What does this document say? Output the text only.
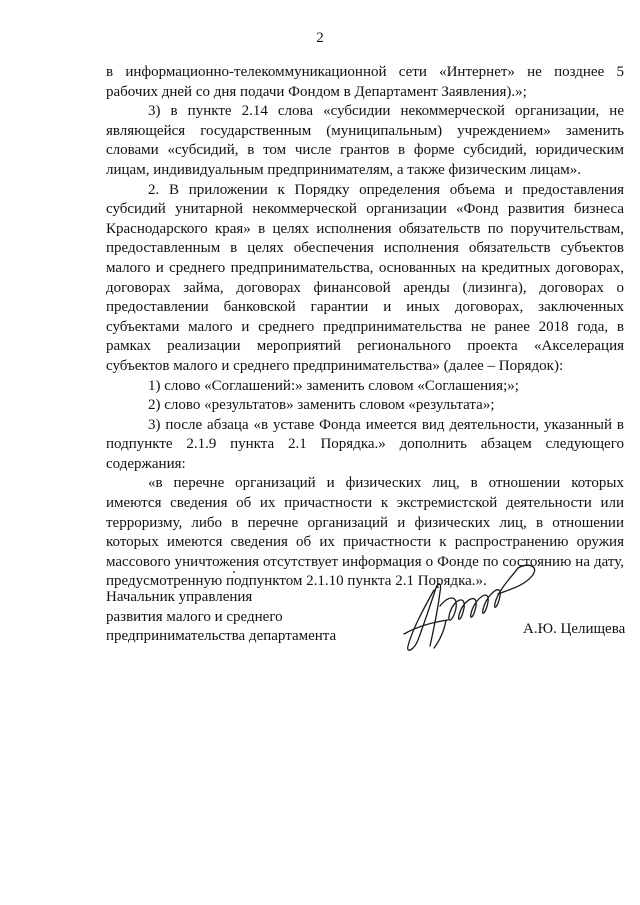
2

в информационно-телекоммуникационной сети «Интернет» не позднее 5 рабочих дней со дня подачи Фондом в Департамент Заявления).»;

3) в пункте 2.14 слова «субсидии некоммерческой организации, не являющейся государственным (муниципальным) учреждением» заменить словами «субсидий, в том числе грантов в форме субсидий, юридическим лицам, индивидуальным предпринимателям, а также физическим лицам».

2. В приложении к Порядку определения объема и предоставления субсидий унитарной некоммерческой организации «Фонд развития бизнеса Краснодарского края» в целях исполнения обязательств по поручительствам, предоставленным в целях обеспечения исполнения обязательств субъектов малого и среднего предпринимательства, основанных на кредитных договорах, договорах займа, договорах финансовой аренды (лизинга), договорах о предоставлении банковской гарантии и иных договорах, заключенных субъектами малого и среднего предпринимательства не ранее 2018 года, в рамках реализации мероприятий регионального проекта «Акселерация субъектов малого и среднего предпринимательства» (далее – Порядок):

1) слово «Соглашений:» заменить словом «Соглашения;»;

2) слово «результатов» заменить словом «результата»;

3) после абзаца «в уставе Фонда имеется вид деятельности, указанный в подпункте 2.1.9 пункта 2.1 Порядка.» дополнить абзацем следующего содержания:

«в перечне организаций и физических лиц, в отношении которых имеются сведения об их причастности к экстремистской деятельности или терроризму, либо в перечне организаций и физических лиц, в отношении которых имеются сведения об их причастности к распространению оружия массового уничтожения отсутствует информация о Фонде по состоянию на дату, предусмотренную подпунктом 2.1.10 пункта 2.1 Порядка.».

Начальник управления
развития малого и среднего
предпринимательства департамента	А.Ю. Целищева
